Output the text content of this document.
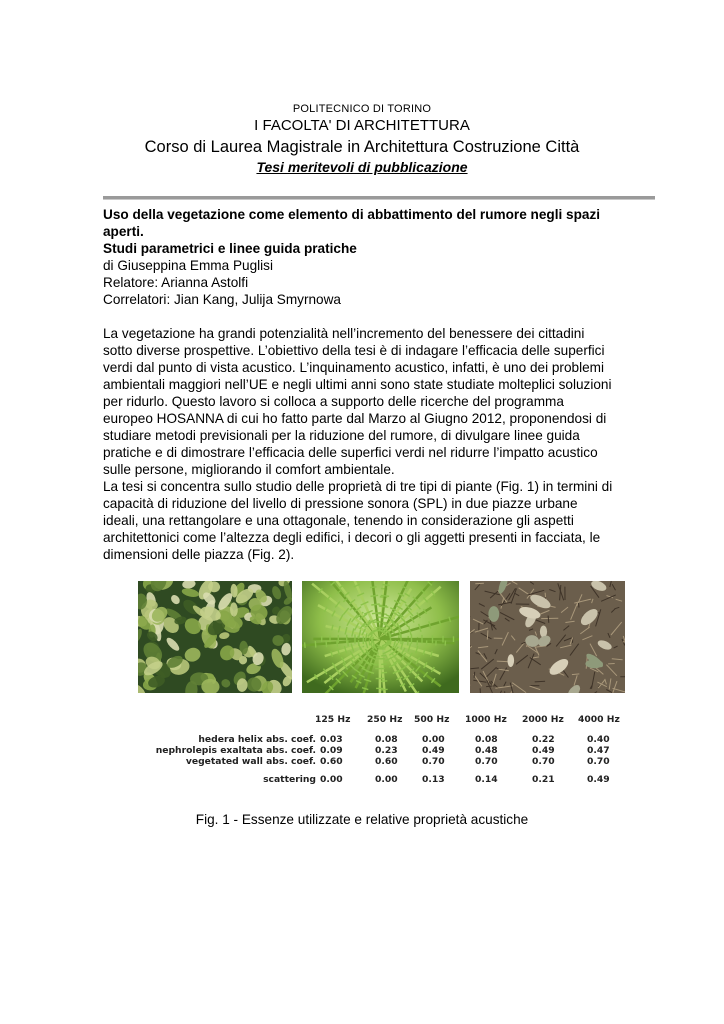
POLITECNICO DI TORINO
I FACOLTA' DI ARCHITETTURA
Corso di Laurea Magistrale in Architettura Costruzione Città
Tesi meritevoli di pubblicazione
Uso della vegetazione come elemento di abbattimento del rumore negli spazi
aperti.
Studi parametrici e linee guida pratiche
di Giuseppina Emma Puglisi
Relatore: Arianna Astolfi
Correlatori: Jian Kang, Julija Smyrnowa
La vegetazione ha grandi potenzialità nell’incremento del benessere dei cittadini
sotto diverse prospettive. L’obiettivo della tesi è di indagare l’efficacia delle superfici
verdi dal punto di vista acustico. L’inquinamento acustico, infatti, è uno dei problemi
ambientali maggiori nell’UE e negli ultimi anni sono state studiate molteplici soluzioni
per ridurlo. Questo lavoro si colloca a supporto delle ricerche del programma
europeo HOSANNA di cui ho fatto parte dal Marzo al Giugno 2012, proponendosi di
studiare metodi previsionali per la riduzione del rumore, di divulgare linee guida
pratiche e di dimostrare l’efficacia delle superfici verdi nel ridurre l’impatto acustico
sulle persone, migliorando il comfort ambientale.
La tesi si concentra sullo studio delle proprietà di tre tipi di piante (Fig. 1) in termini di
capacità di riduzione del livello di pressione sonora (SPL) in due piazze urbane
ideali, una rettangolare e una ottagonale, tenendo in considerazione gli aspetti
architettonici come l’altezza degli edifici, i decori o gli aggetti presenti in facciata, le
dimensioni delle piazza (Fig. 2).
125 Hz 250 Hz 500 Hz 1000 Hz 2000 Hz 4000 Hz
hedera helix abs. coef. 0.03	0.08	0.00	0.08	0.22	0.40
nephrolepis exaltata abs. coef. 0.09	0.23	0.49	0.48	0.49	0.47
vegetated wall abs. coef. 0.60	0.60	0.70	0.70	0.70	0.70
scattering 0.00	0.00	0.13	0.14	0.21	0.49
Fig. 1 - Essenze utilizzate e relative proprietà acustiche
